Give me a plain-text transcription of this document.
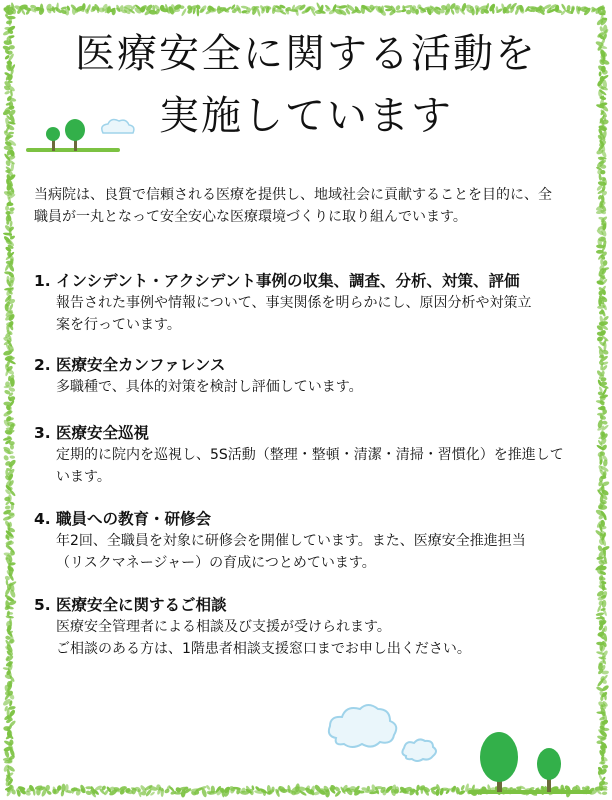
医療安全に関する活動を
実施しています
当病院は、良質で信頼される医療を提供し、地域社会に貢献することを目的に、全
職員が一丸となって安全安心な医療環境づくりに取り組んでいます。
1. インシデント・アクシデント事例の収集、調査、分析、対策、評価
報告された事例や情報について、事実関係を明らかにし、原因分析や対策立
案を行っています。
2. 医療安全カンファレンス
多職種で、具体的対策を検討し評価しています。
3. 医療安全巡視
定期的に院内を巡視し、5S活動（整理・整頓・清潔・清掃・習慣化）を推進して
います。
4. 職員への教育・研修会
年2回、全職員を対象に研修会を開催しています。また、医療安全推進担当
（リスクマネージャー）の育成につとめています。
5. 医療安全に関するご相談
医療安全管理者による相談及び支援が受けられます。
ご相談のある方は、1階患者相談支援窓口までお申し出ください。
